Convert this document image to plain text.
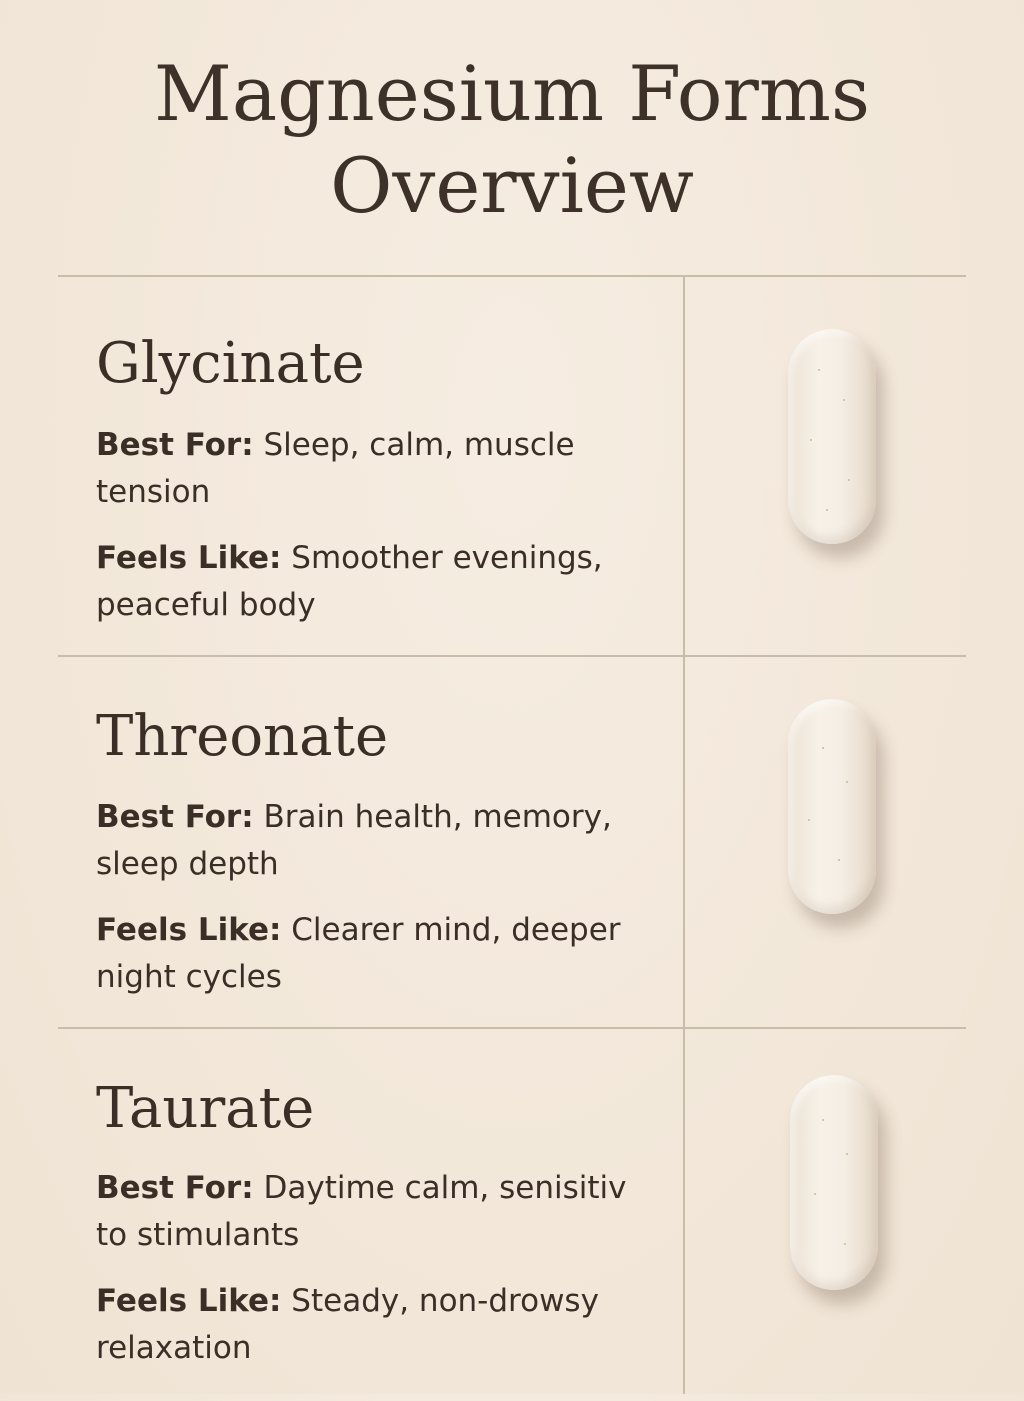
Magnesium Forms
Overview
Glycinate

Best For: Sleep, calm, muscle

tension

Feels Like: Smoother evenings,

peaceful body

Threonate

Best For: Brain health, memory,

sleep depth

Feels Like: Clearer mind, deeper

night cycles

Taurate

Best For: Daytime calm, senisitiv

to stimulants

Feels Like: Steady, non-drowsy

relaxation
